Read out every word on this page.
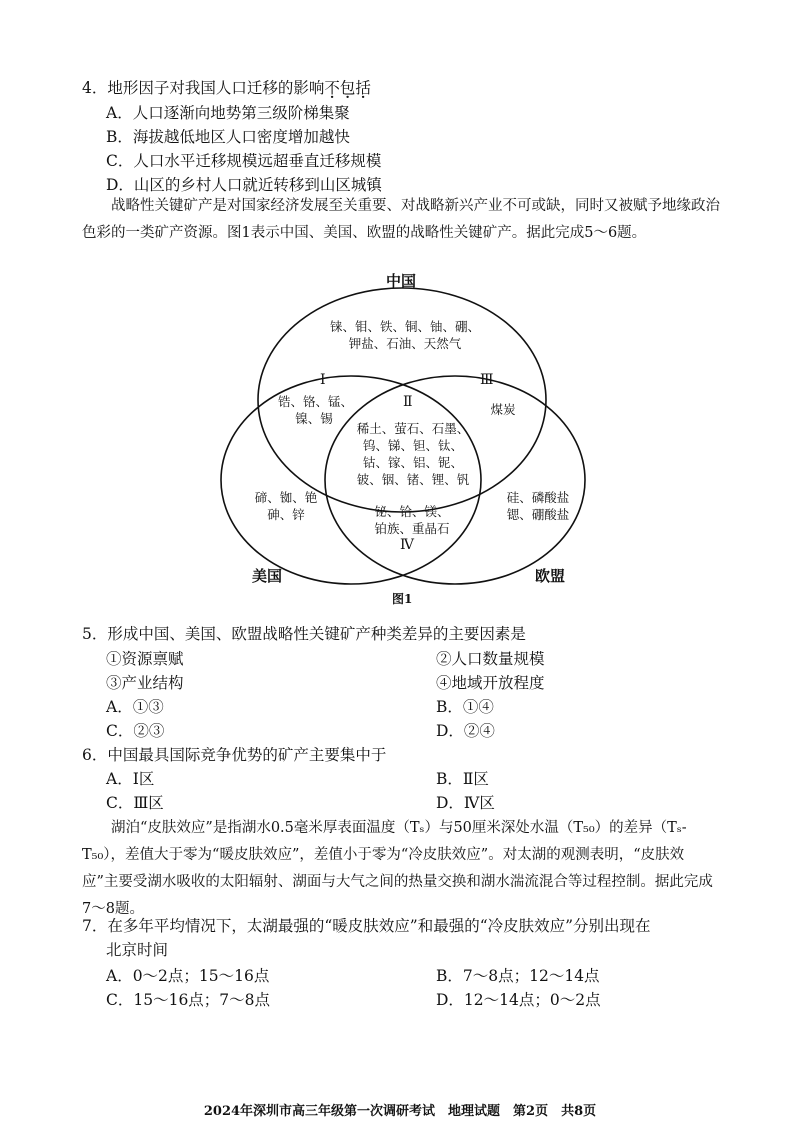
4．地形因子对我国人口迁移的影响不包括
A．人口逐渐向地势第三级阶梯集聚
B．海拔越低地区人口密度增加越快
C．人口水平迁移规模远超垂直迁移规模
D．山区的乡村人口就近转移到山区城镇
战略性关键矿产是对国家经济发展至关重要、对战略新兴产业不可或缺，同时又被赋予地缘政治色彩的一类矿产资源。图1表示中国、美国、欧盟的战略性关键矿产。据此完成5～6题。
中国
美国	欧盟
铼、钼、铁、铜、铀、硼、
钾盐、石油、天然气
Ⅰ
Ⅱ
Ⅲ
Ⅳ
锆、铬、锰、
镍、锡
稀土、萤石、石墨、
钨、锑、钽、钛、
钴、镓、铝、铌、
铍、铟、锗、锂、钒
煤炭
铋、铪、镁、
铂族、重晶石
碲、铷、铯
砷、锌
硅、磷酸盐
锶、硼酸盐
图1
5．形成中国、美国、欧盟战略性关键矿产种类差异的主要因素是
①资源禀赋	②人口数量规模
③产业结构	④地域开放程度
A．①③	B．①④
C．②③	D．②④
6．中国最具国际竞争优势的矿产主要集中于
A．Ⅰ区	B．Ⅱ区
C．Ⅲ区	D．Ⅳ区
湖泊“皮肤效应”是指湖水0.5毫米厚表面温度（Tₛ）与50厘米深处水温（T₅₀）的差异（Tₛ-T₅₀），差值大于零为“暖皮肤效应”，差值小于零为“冷皮肤效应”。对太湖的观测表明，“皮肤效应”主要受湖水吸收的太阳辐射、湖面与大气之间的热量交换和湖水湍流混合等过程控制。据此完成7～8题。
7．在多年平均情况下，太湖最强的“暖皮肤效应”和最强的“冷皮肤效应”分别出现在
北京时间
A．0～2点；15～16点	B．7～8点；12～14点
C．15～16点；7～8点	D．12～14点；0～2点
2024年深圳市高三年级第一次调研考试　地理试题　第2页　共8页
